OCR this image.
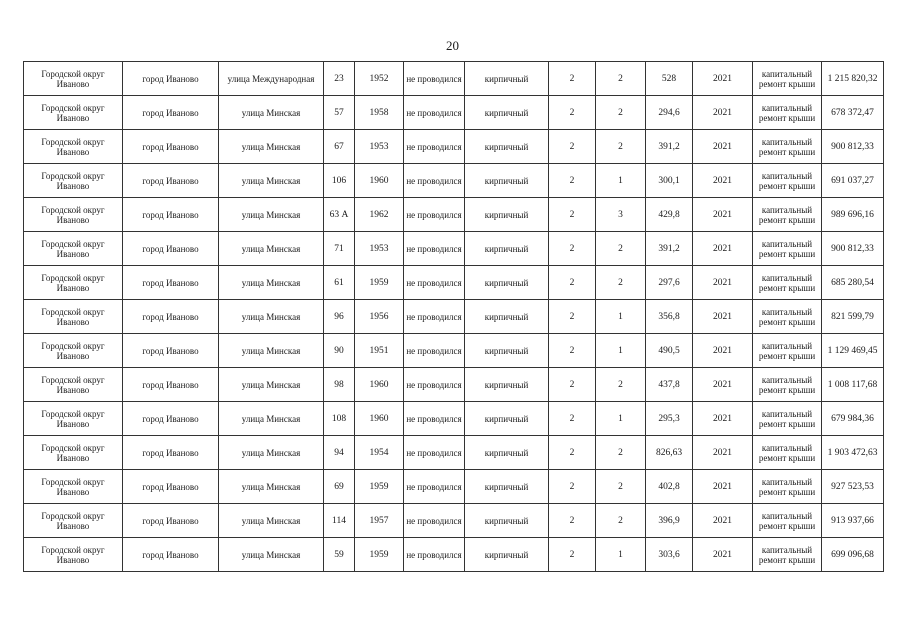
20
Городской округ Иваново	город Иваново	улица Международная	23	1952	не проводился	кирпичный	2	2	528	2021	капитальный ремонт крыши	1 215 820,32
Городской округ Иваново	город Иваново	улица Минская	57	1958	не проводился	кирпичный	2	2	294,6	2021	капитальный ремонт крыши	678 372,47
Городской округ Иваново	город Иваново	улица Минская	67	1953	не проводился	кирпичный	2	2	391,2	2021	капитальный ремонт крыши	900 812,33
Городской округ Иваново	город Иваново	улица Минская	106	1960	не проводился	кирпичный	2	1	300,1	2021	капитальный ремонт крыши	691 037,27
Городской округ Иваново	город Иваново	улица Минская	63 А	1962	не проводился	кирпичный	2	3	429,8	2021	капитальный ремонт крыши	989 696,16
Городской округ Иваново	город Иваново	улица Минская	71	1953	не проводился	кирпичный	2	2	391,2	2021	капитальный ремонт крыши	900 812,33
Городской округ Иваново	город Иваново	улица Минская	61	1959	не проводился	кирпичный	2	2	297,6	2021	капитальный ремонт крыши	685 280,54
Городской округ Иваново	город Иваново	улица Минская	96	1956	не проводился	кирпичный	2	1	356,8	2021	капитальный ремонт крыши	821 599,79
Городской округ Иваново	город Иваново	улица Минская	90	1951	не проводился	кирпичный	2	1	490,5	2021	капитальный ремонт крыши	1 129 469,45
Городской округ Иваново	город Иваново	улица Минская	98	1960	не проводился	кирпичный	2	2	437,8	2021	капитальный ремонт крыши	1 008 117,68
Городской округ Иваново	город Иваново	улица Минская	108	1960	не проводился	кирпичный	2	1	295,3	2021	капитальный ремонт крыши	679 984,36
Городской округ Иваново	город Иваново	улица Минская	94	1954	не проводился	кирпичный	2	2	826,63	2021	капитальный ремонт крыши	1 903 472,63
Городской округ Иваново	город Иваново	улица Минская	69	1959	не проводился	кирпичный	2	2	402,8	2021	капитальный ремонт крыши	927 523,53
Городской округ Иваново	город Иваново	улица Минская	114	1957	не проводился	кирпичный	2	2	396,9	2021	капитальный ремонт крыши	913 937,66
Городской округ Иваново	город Иваново	улица Минская	59	1959	не проводился	кирпичный	2	1	303,6	2021	капитальный ремонт крыши	699 096,68
